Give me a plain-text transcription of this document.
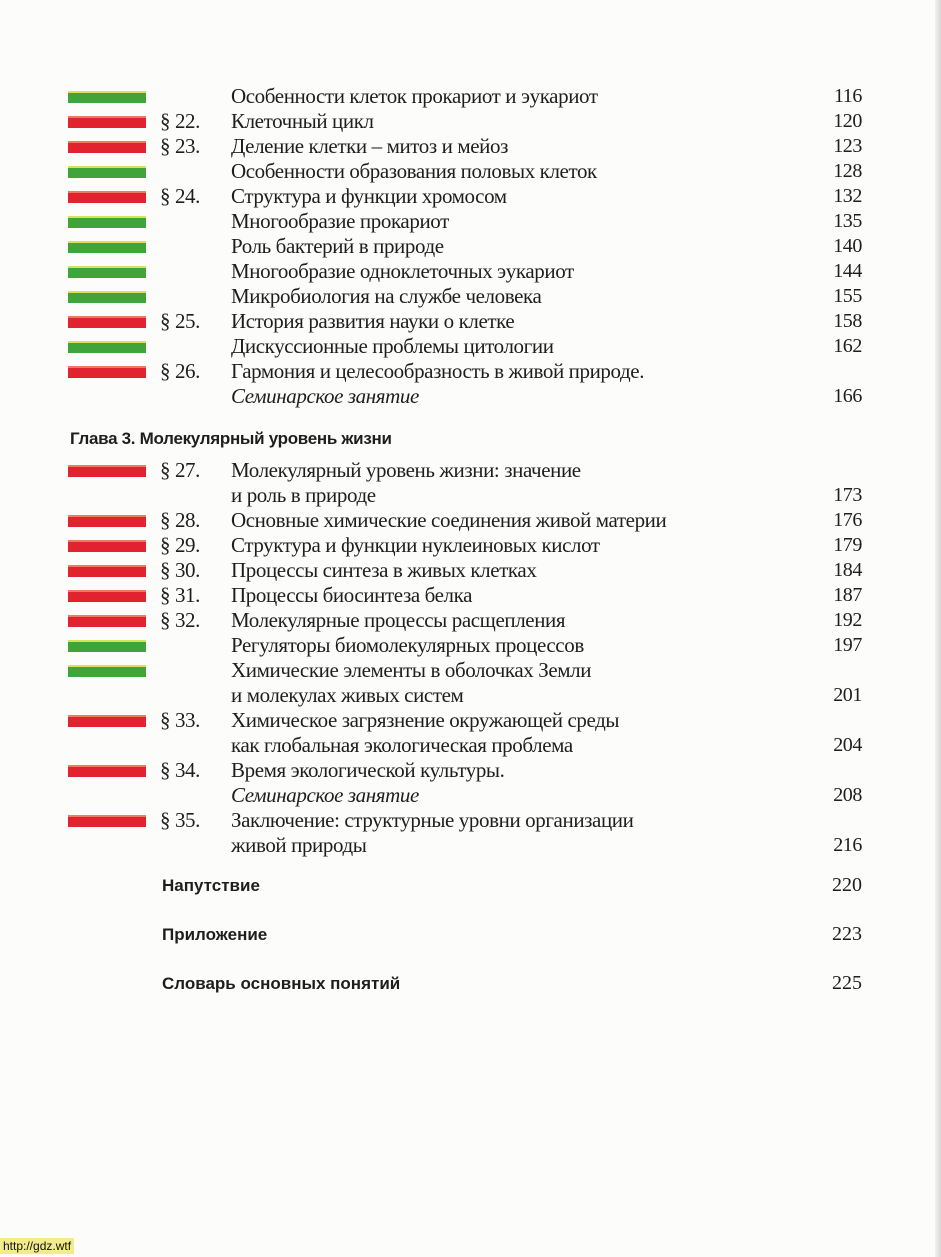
Особенности клеток прокариот и эукариот	116
§ 22. Клеточный цикл	120
§ 23. Деление клетки – митоз и мейоз	123
Особенности образования половых клеток	128
§ 24. Структура и функции хромосом	132
Многообразие прокариот	135
Роль бактерий в природе	140
Многообразие одноклеточных эукариот	144
Микробиология на службе человека	155
§ 25. История развития науки о клетке	158
Дискуссионные проблемы цитологии	162
§ 26. Гармония и целесообразность в живой природе.
Семинарское занятие	166
§ 27. Молекулярный уровень жизни: значение
и роль в природе	173
§ 28. Основные химические соединения живой материи	176
§ 29. Структура и функции нуклеиновых кислот	179
§ 30. Процессы синтеза в живых клетках	184
§ 31. Процессы биосинтеза белка	187
§ 32. Молекулярные процессы расщепления	192
Регуляторы биомолекулярных процессов	197
Химические элементы в оболочках Земли
и молекулах живых систем	201
§ 33. Химическое загрязнение окружающей среды
как глобальная экологическая проблема	204
§ 34. Время экологической культуры.
Семинарское занятие	208
§ 35. Заключение: структурные уровни организации
живой природы	216
Глава 3. Молекулярный уровень жизни
Напутствие	220
Приложение	223
Словарь основных понятий	225
http://gdz.wtf
